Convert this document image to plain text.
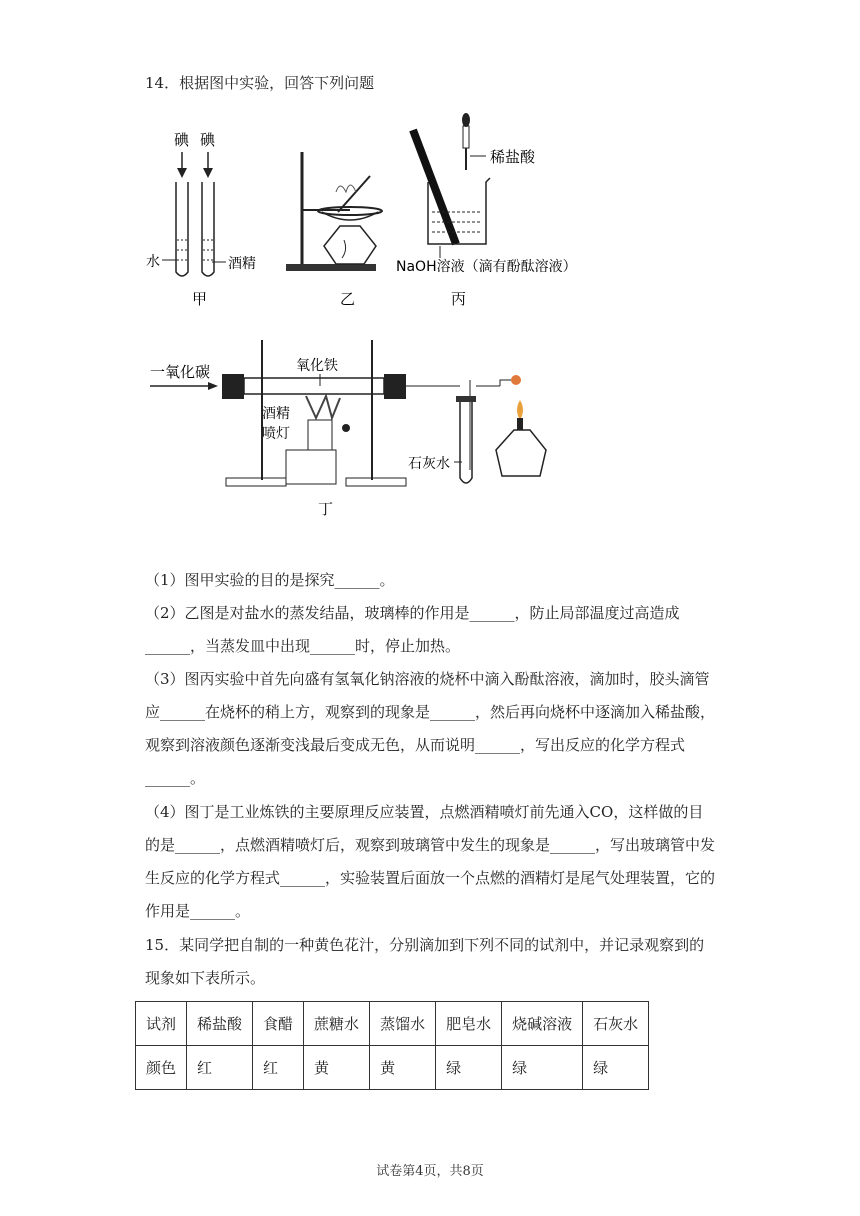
14．根据图中实验，回答下列问题
碘 碘
水	酒精
甲	乙
稀盐酸
NaOH溶液（滴有酚酞溶液）
丙
一氧化碳	氧化铁
酒精
喷灯
石灰水
丁
（1）图甲实验的目的是探究______。
（2）乙图是对盐水的蒸发结晶，玻璃棒的作用是______，防止局部温度过高造成______，当蒸发皿中出现______时，停止加热。
（3）图丙实验中首先向盛有氢氧化钠溶液的烧杯中滴入酚酞溶液，滴加时，胶头滴管应______在烧杯的稍上方，观察到的现象是______，然后再向烧杯中逐滴加入稀盐酸，观察到溶液颜色逐渐变浅最后变成无色，从而说明______，写出反应的化学方程式______。
（4）图丁是工业炼铁的主要原理反应装置，点燃酒精喷灯前先通入CO，这样做的目的是______，点燃酒精喷灯后，观察到玻璃管中发生的现象是______，写出玻璃管中发生反应的化学方程式______，实验装置后面放一个点燃的酒精灯是尾气处理装置，它的作用是______。
15．某同学把自制的一种黄色花汁，分别滴加到下列不同的试剂中，并记录观察到的现象如下表所示。
试剂	稀盐酸	食醋	蔗糖水	蒸馏水	肥皂水	烧碱溶液	石灰水
颜色	红	红	黄	黄	绿	绿	绿
试卷第4页，共8页
